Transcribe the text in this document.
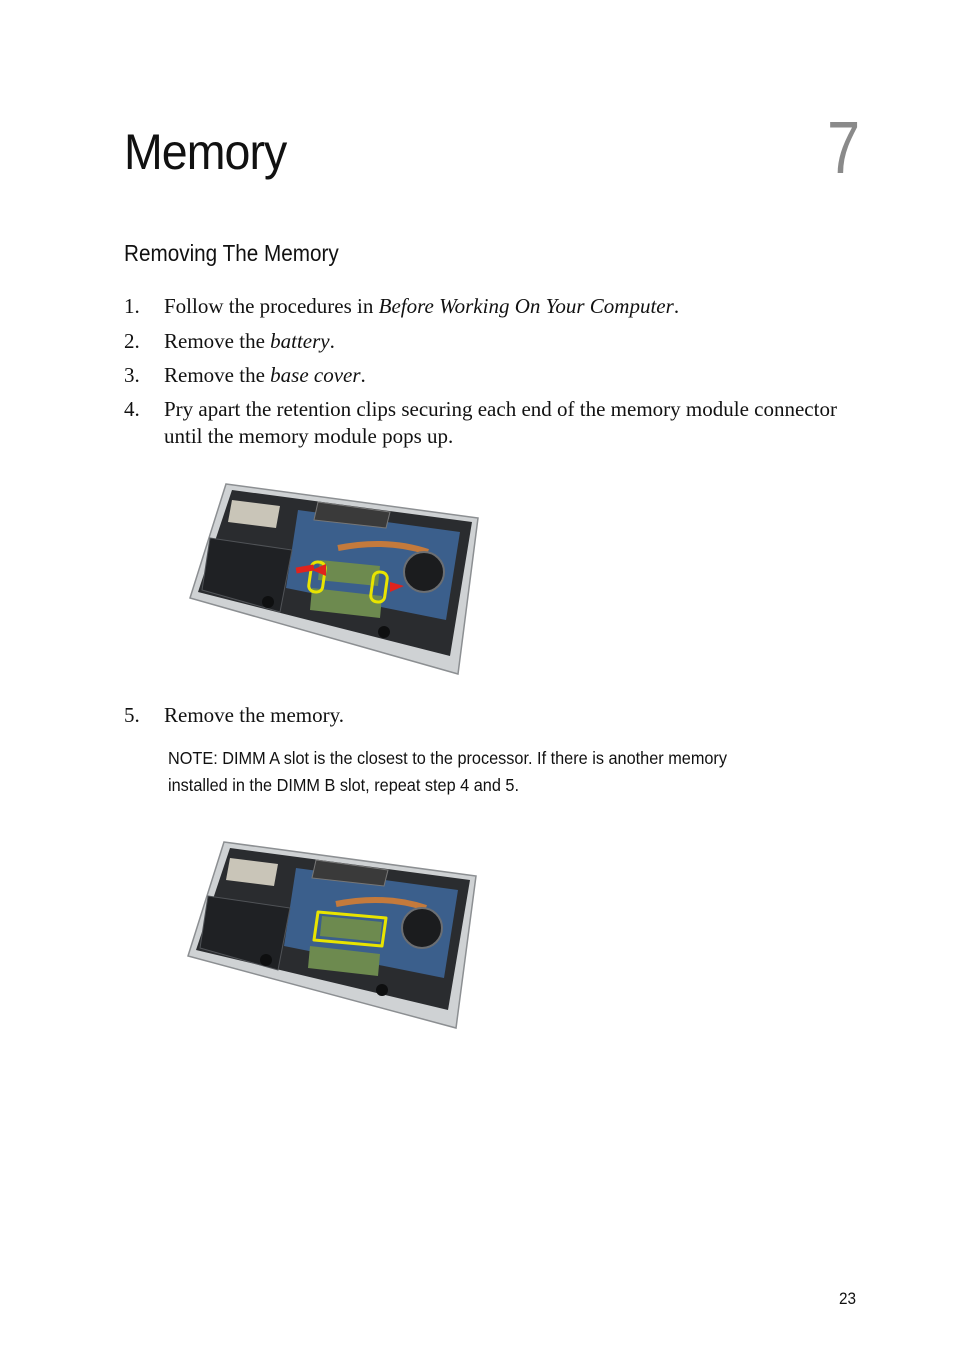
Memory	7
Removing The Memory
1. Follow the procedures in Before Working On Your Computer.
2. Remove the battery.
3. Remove the base cover.
4. Pry apart the retention clips securing each end of the memory module connector until the memory module pops up.
5. Remove the memory.
NOTE: DIMM A slot is the closest to the processor. If there is another memory installed in the DIMM B slot, repeat step 4 and 5.
23
